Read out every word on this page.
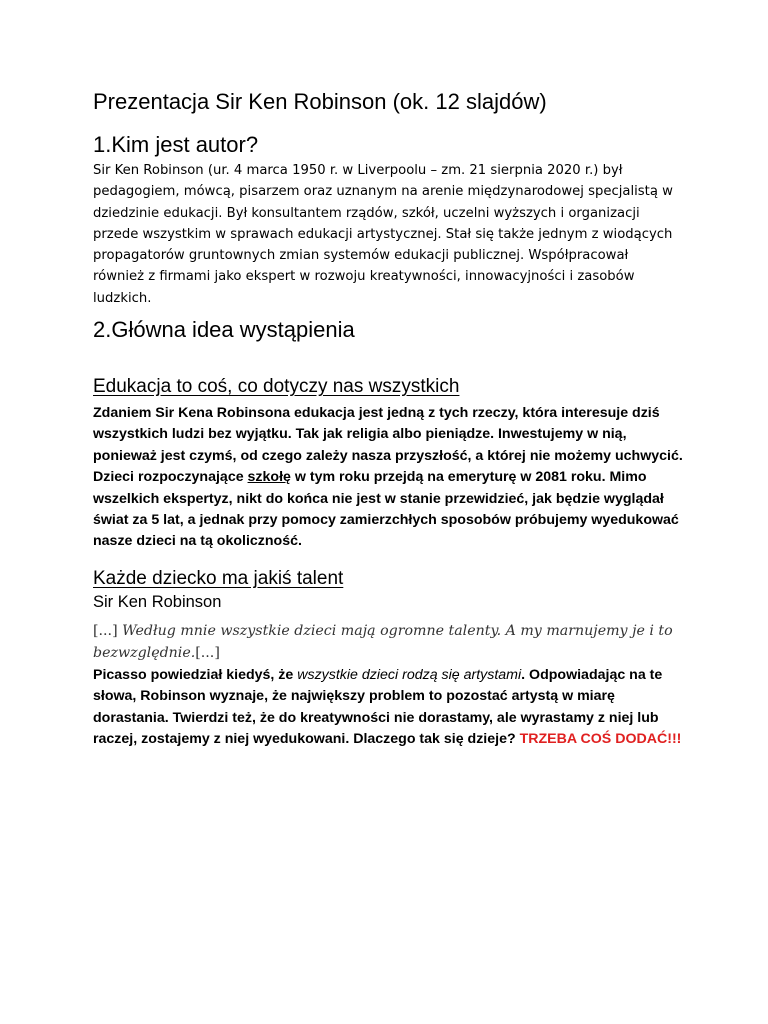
Prezentacja Sir Ken Robinson (ok. 12 slajdów)
1.Kim jest autor?

Sir Ken Robinson (ur. 4 marca 1950 r. w Liverpoolu – zm. 21 sierpnia 2020 r.) był pedagogiem, mówcą, pisarzem oraz uznanym na arenie międzynarodowej specjalistą w dziedzinie edukacji. Był konsultantem rządów, szkół, uczelni wyższych i organizacji przede wszystkim w sprawach edukacji artystycznej. Stał się także jednym z wiodących propagatorów gruntownych zmian systemów edukacji publicznej. Współpracował również z firmami jako ekspert w rozwoju kreatywności, innowacyjności i zasobów ludzkich.

2.Główna idea wystąpienia
Edukacja to coś, co dotyczy nas wszystkich

Zdaniem Sir Kena Robinsona edukacja jest jedną z tych rzeczy, która interesuje dziś wszystkich ludzi bez wyjątku. Tak jak religia albo pieniądze. Inwestujemy w nią, ponieważ jest czymś, od czego zależy nasza przyszłość, a której nie możemy uchwycić. Dzieci rozpoczynające szkołę w tym roku przejdą na emeryturę w 2081 roku. Mimo wszelkich ekspertyz, nikt do końca nie jest w stanie przewidzieć, jak będzie wyglądał świat za 5 lat, a jednak przy pomocy zamierzchłych sposobów próbujemy wyedukować nasze dzieci na tą okoliczność.

Każde dziecko ma jakiś talent

Sir Ken Robinson

[...] Według mnie wszystkie dzieci mają ogromne talenty. A my marnujemy je i to bezwzględnie.[...]

Picasso powiedział kiedyś, że wszystkie dzieci rodzą się artystami. Odpowiadając na te słowa, Robinson wyznaje, że największy problem to pozostać artystą w miarę dorastania. Twierdzi też, że do kreatywności nie dorastamy, ale wyrastamy z niej lub raczej, zostajemy z niej wyedukowani. Dlaczego tak się dzieje? TRZEBA COŚ DODAĆ!!!
